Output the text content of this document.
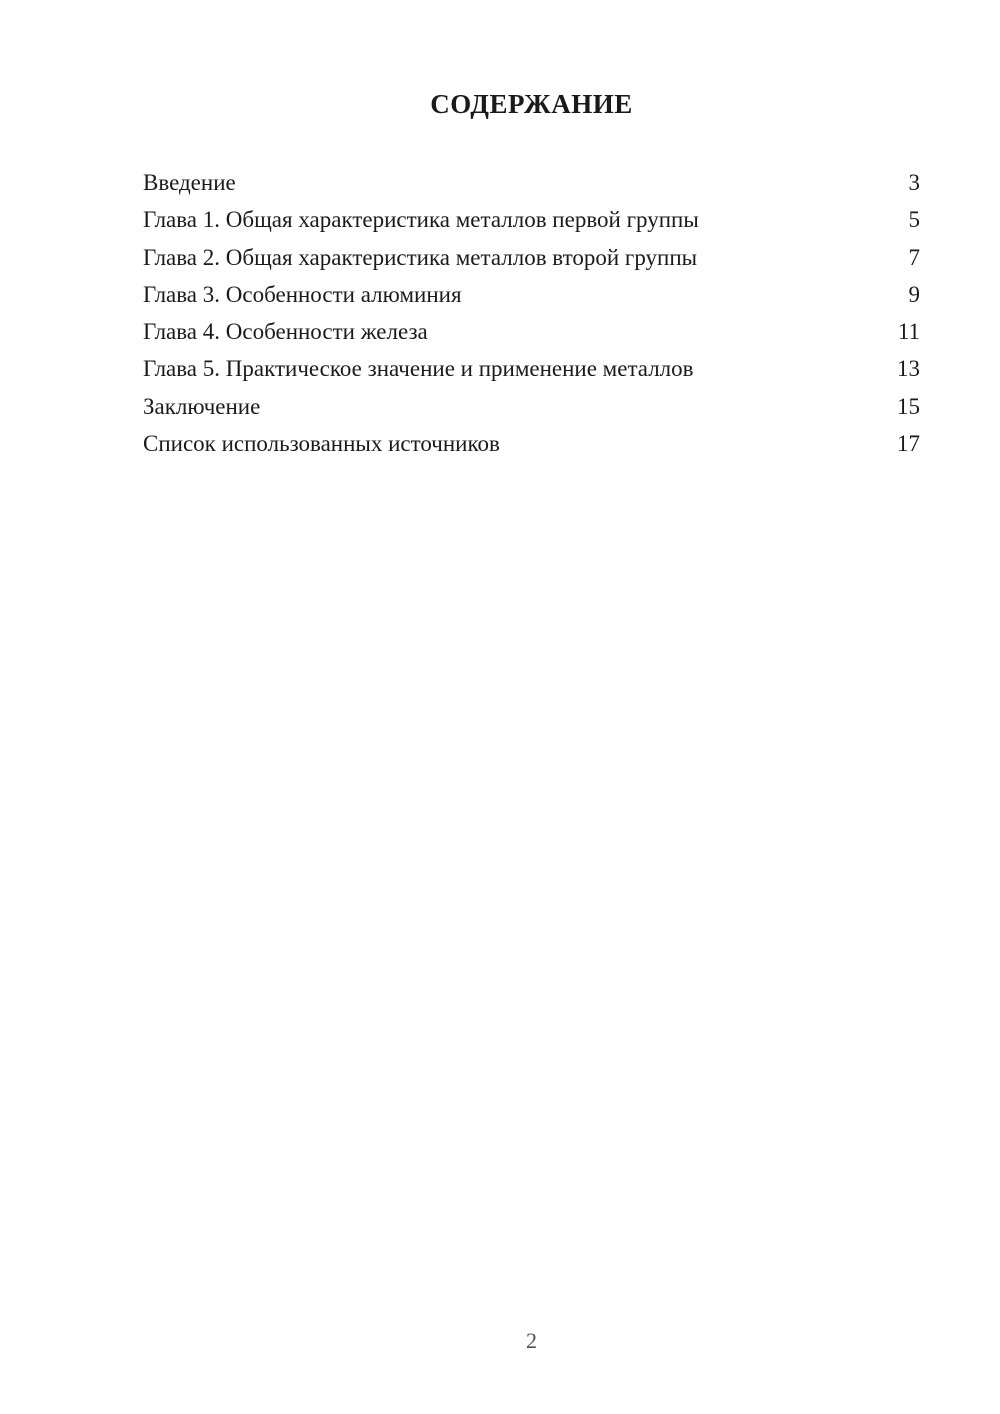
СОДЕРЖАНИЕ
Введение	3
Глава 1. Общая характеристика металлов первой группы	5
Глава 2. Общая характеристика металлов второй группы	7
Глава 3. Особенности алюминия	9
Глава 4. Особенности железа	11
Глава 5. Практическое значение и применение металлов	13
Заключение	15
Список использованных источников	17
2
